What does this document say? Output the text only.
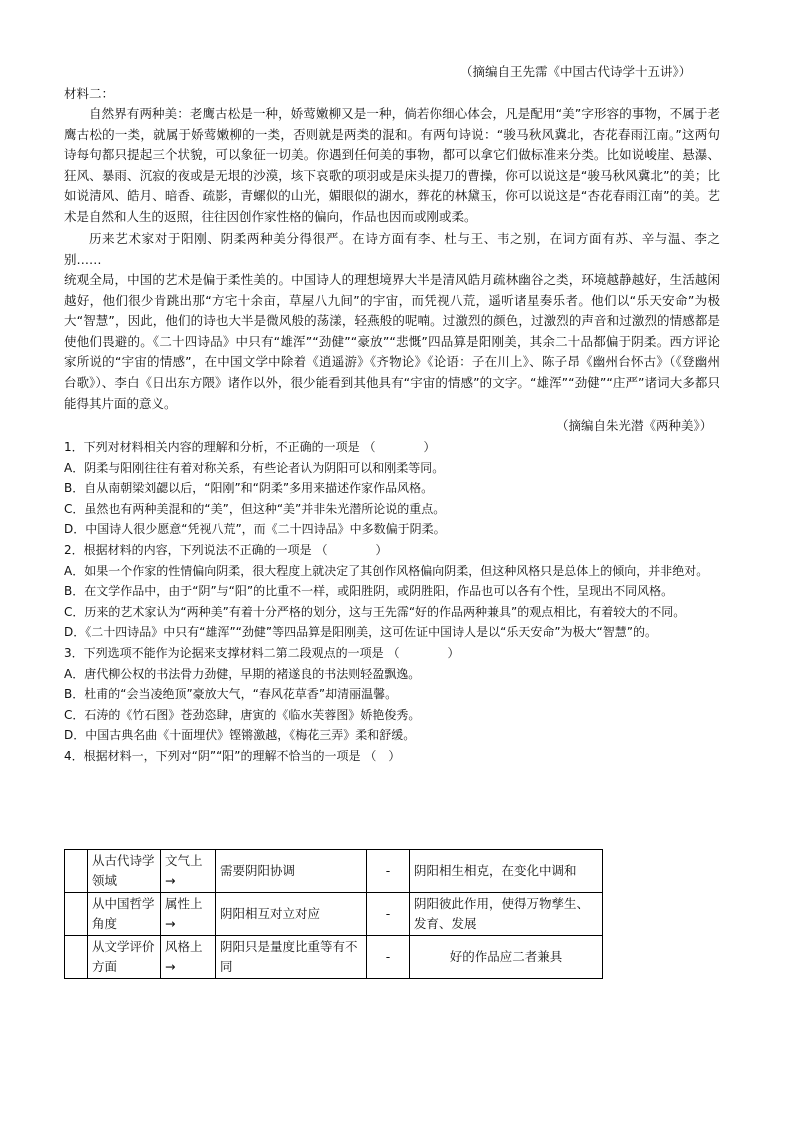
（摘编自王先霈《中国古代诗学十五讲》）
材料二：
自然界有两种美：老鹰古松是一种，娇莺嫩柳又是一种，倘若你细心体会，凡是配用“美”字形容的事物，不属于老鹰古松的一类，就属于娇莺嫩柳的一类，否则就是两类的混和。有两句诗说：“骏马秋风冀北，杏花春雨江南。”这两句诗每句都只提起三个状貌，可以象征一切美。你遇到任何美的事物，都可以拿它们做标准来分类。比如说峻崖、悬瀑、狂风、暴雨、沉寂的夜或是无垠的沙漠，垓下哀歌的项羽或是床头提刀的曹操，你可以说这是“骏马秋风冀北”的美；比如说清风、皓月、暗香、疏影，青螺似的山光，媚眼似的湖水，葬花的林黛玉，你可以说这是“杏花春雨江南”的美。艺术是自然和人生的返照，往往因创作家性格的偏向，作品也因而或刚或柔。
历来艺术家对于阳刚、阴柔两种美分得很严。在诗方面有李、杜与王、韦之别，在词方面有苏、辛与温、李之别……
统观全局，中国的艺术是偏于柔性美的。中国诗人的理想境界大半是清风皓月疏林幽谷之类，环境越静越好，生活越闲越好，他们很少肯跳出那“方宅十余亩，草屋八九间”的宇宙，而凭视八荒，遥听诸星奏乐者。他们以“乐天安命”为极大“智慧”，因此，他们的诗也大半是微风般的荡漾，轻燕般的呢喃。过激烈的颜色，过激烈的声音和过激烈的情感都是使他们畏避的。《二十四诗品》中只有“雄浑”“劲健”“豪放”“悲慨”四品算是阳刚美，其余二十品都偏于阴柔。西方评论家所说的“宇宙的情感”，在中国文学中除着《逍遥游》《齐物论》《论语：子在川上》、陈子昂《幽州台怀古》（《登幽州台歌》）、李白《日出东方隈》诸作以外，很少能看到其他具有“宇宙的情感”的文字。“雄浑”“劲健”“庄严”诸词大多都只能得其片面的意义。
（摘编自朱光潜《两种美》）
1．下列对材料相关内容的理解和分析，不正确的一项是 （　　　　）
A．阴柔与阳刚往往有着对称关系，有些论者认为阴阳可以和刚柔等同。
B．自从南朝梁刘勰以后，“阳刚”和“阴柔”多用来描述作家作品风格。
C．虽然也有两种美混和的“美”，但这种“美”并非朱光潜所论说的重点。
D．中国诗人很少愿意“凭视八荒”，而《二十四诗品》中多数偏于阴柔。
2．根据材料的内容，下列说法不正确的一项是 （　　　　）
A．如果一个作家的性情偏向阴柔，很大程度上就决定了其创作风格偏向阴柔，但这种风格只是总体上的倾向，并非绝对。
B．在文学作品中，由于“阴”与“阳”的比重不一样，或阳胜阴，或阴胜阳，作品也可以各有个性，呈现出不同风格。
C．历来的艺术家认为“两种美”有着十分严格的划分，这与王先霈“好的作品两种兼具”的观点相比，有着较大的不同。
D．《二十四诗品》中只有“雄浑”“劲健”等四品算是阳刚美，这可佐证中国诗人是以“乐天安命”为极大“智慧”的。
3．下列选项不能作为论据来支撑材料二第二段观点的一项是 （　　　　）
A．唐代柳公权的书法骨力劲健，早期的褚遂良的书法则轻盈飘逸。
B．杜甫的“会当凌绝顶”豪放大气，“春风花草香”却清丽温馨。
C．石涛的《竹石图》苍劲恣肆，唐寅的《临水芙蓉图》娇艳俊秀。
D．中国古典名曲《十面埋伏》铿锵激越，《梅花三弄》柔和舒缓。
4．根据材料一，下列对“阴”“阳”的理解不恰当的一项是 （　）
	从古代诗学领域	文气上→	需要阴阳协调	-	阴阳相生相克，在变化中调和
	从中国哲学角度	属性上→	阴阳相互对立对应	-	阴阳彼此作用，使得万物孳生、发育、发展
	从文学评价方面	风格上→	阴阳只是量度比重等有不同	-	好的作品应二者兼具
